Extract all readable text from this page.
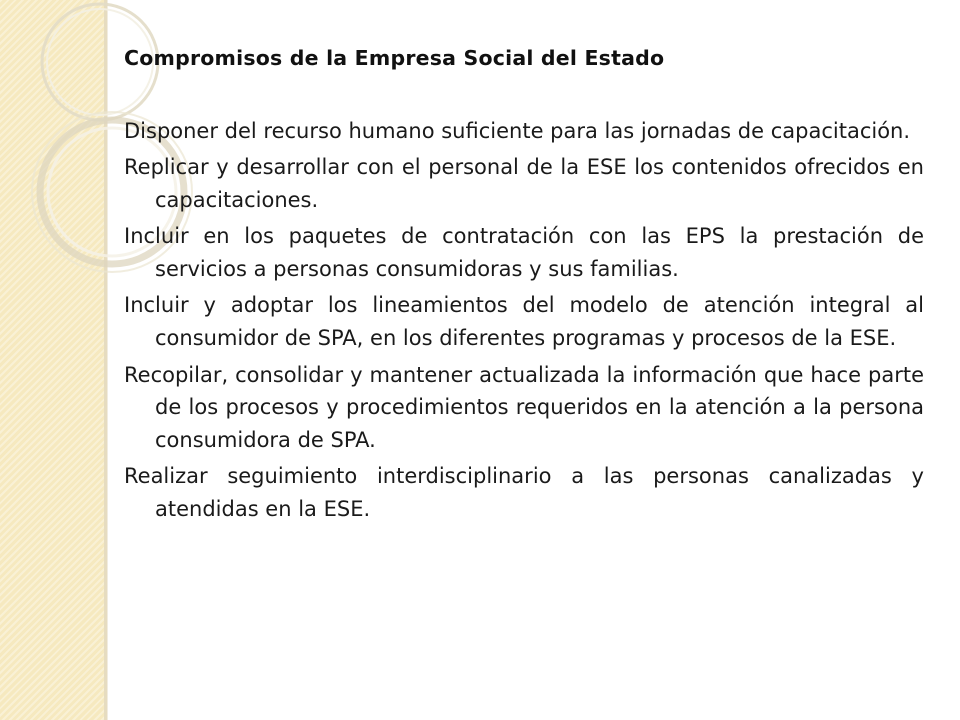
Compromisos de la Empresa Social del Estado
Disponer del recurso humano suficiente para las jornadas de capacitación.
Replicar y desarrollar con el personal de la ESE los contenidos ofrecidos en capacitaciones.
Incluir en los paquetes de contratación con las EPS la prestación de servicios a personas consumidoras y sus familias.
Incluir y adoptar los lineamientos del modelo de atención integral al consumidor de SPA, en los diferentes programas y procesos de la ESE.
Recopilar, consolidar y mantener actualizada la información que hace parte de los procesos y procedimientos requeridos en la atención a la persona consumidora de SPA.
Realizar seguimiento interdisciplinario a las personas canalizadas y atendidas en la ESE.
